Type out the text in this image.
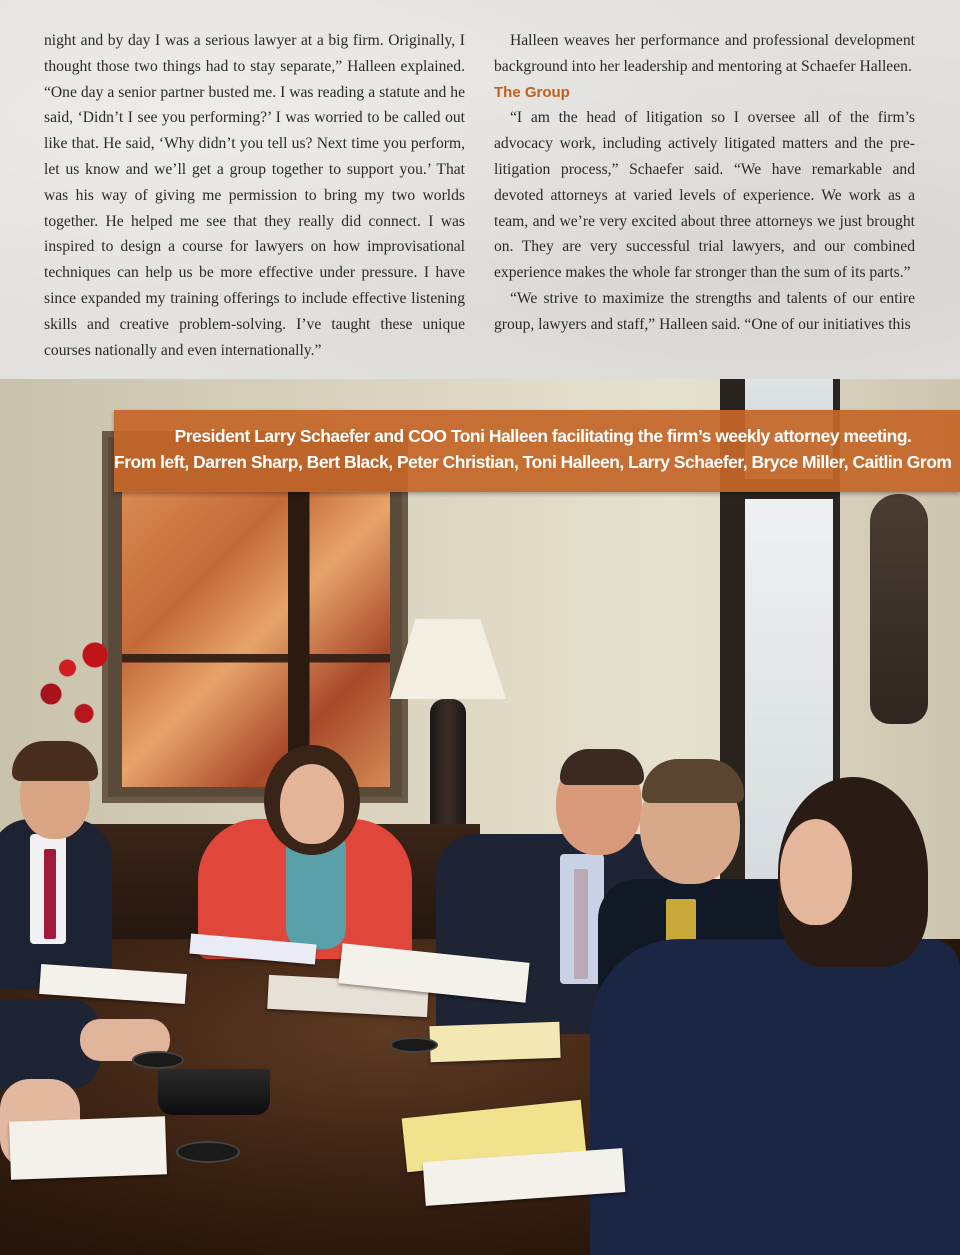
night and by day I was a serious lawyer at a big firm. Originally, I thought those two things had to stay separate,” Halleen explained. “One day a senior partner busted me. I was reading a statute and he said, ‘Didn’t I see you performing?’ I was worried to be called out like that. He said, ‘Why didn’t you tell us? Next time you perform, let us know and we’ll get a group together to support you.’ That was his way of giving me permission to bring my two worlds together. He helped me see that they really did connect. I was inspired to design a course for lawyers on how improvisational techniques can help us be more effective under pressure. I have since expanded my training offerings to include effective listening skills and creative problem-solving. I’ve taught these unique courses nationally and even internationally.”

Halleen weaves her performance and professional development background into her leadership and mentoring at Schaefer Halleen.

The Group

“I am the head of litigation so I oversee all of the firm’s advocacy work, including actively litigated matters and the pre-litigation process,” Schaefer said. “We have remarkable and devoted attorneys at varied levels of experience. We work as a team, and we’re very excited about three attorneys we just brought on. They are very successful trial lawyers, and our combined experience makes the whole far stronger than the sum of its parts.”

“We strive to maximize the strengths and talents of our entire group, lawyers and staff,” Halleen said. “One of our initiatives this

President Larry Schaefer and COO Toni Halleen facilitating the firm’s weekly attorney meeting.
From left, Darren Sharp, Bert Black, Peter Christian, Toni Halleen, Larry Schaefer, Bryce Miller, Caitlin Grom
